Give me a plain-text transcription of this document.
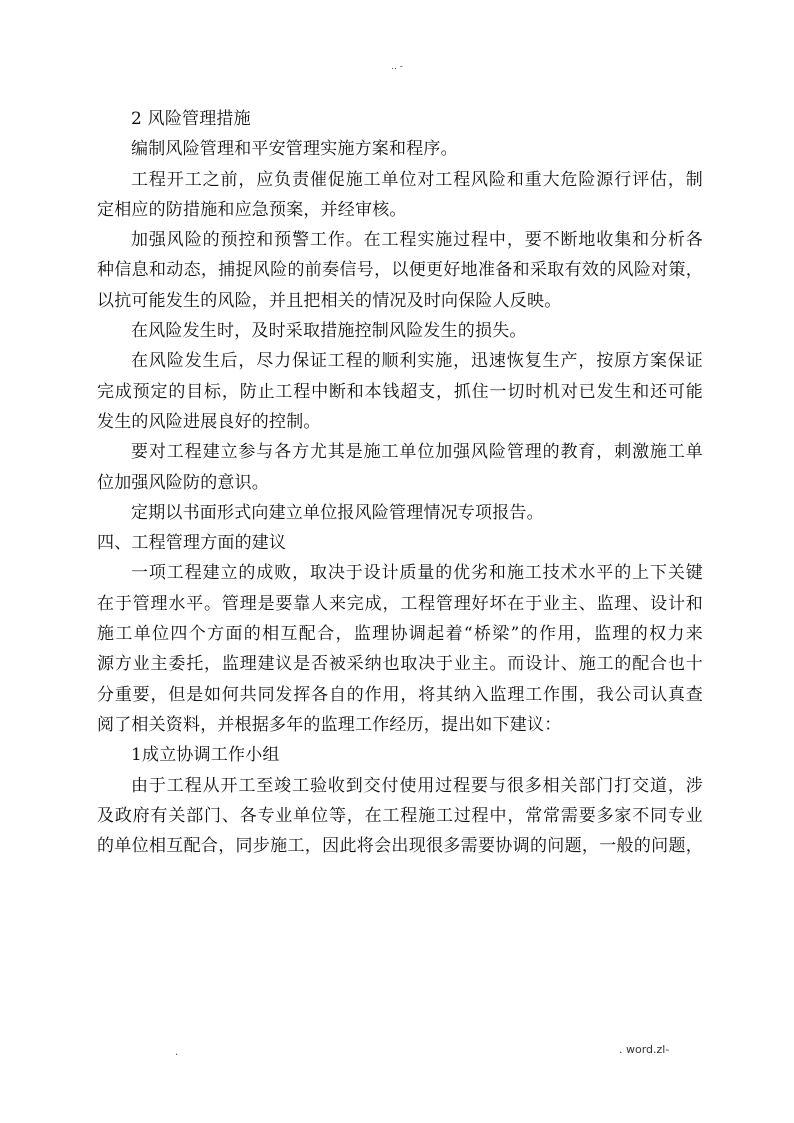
.. -
2 风险管理措施
编制风险管理和平安管理实施方案和程序。
工程开工之前，应负责催促施工单位对工程风险和重大危险源行评估，制
定相应的防措施和应急预案，并经审核。
加强风险的预控和预警工作。在工程实施过程中，要不断地收集和分析各
种信息和动态，捕捉风险的前奏信号，以便更好地准备和采取有效的风险对策，
以抗可能发生的风险，并且把相关的情况及时向保险人反映。
在风险发生时，及时采取措施控制风险发生的损失。
在风险发生后，尽力保证工程的顺利实施，迅速恢复生产，按原方案保证
完成预定的目标，防止工程中断和本钱超支，抓住一切时机对已发生和还可能
发生的风险进展良好的控制。
要对工程建立参与各方尤其是施工单位加强风险管理的教育，刺激施工单
位加强风险防的意识。
定期以书面形式向建立单位报风险管理情况专项报告。
四、工程管理方面的建议
一项工程建立的成败，取决于设计质量的优劣和施工技术水平的上下关键
在于管理水平。管理是要靠人来完成，工程管理好坏在于业主、监理、设计和
施工单位四个方面的相互配合，监理协调起着“桥梁”的作用，监理的权力来
源方业主委托，监理建议是否被采纳也取决于业主。而设计、施工的配合也十
分重要，但是如何共同发挥各自的作用，将其纳入监理工作围，我公司认真查
阅了相关资料，并根据多年的监理工作经历，提出如下建议：
1成立协调工作小组
由于工程从开工至竣工验收到交付使用过程要与很多相关部门打交道，涉
及政府有关部门、各专业单位等，在工程施工过程中，常常需要多家不同专业
的单位相互配合，同步施工，因此将会出现很多需要协调的问题，一般的问题，
.	. word.zl-
